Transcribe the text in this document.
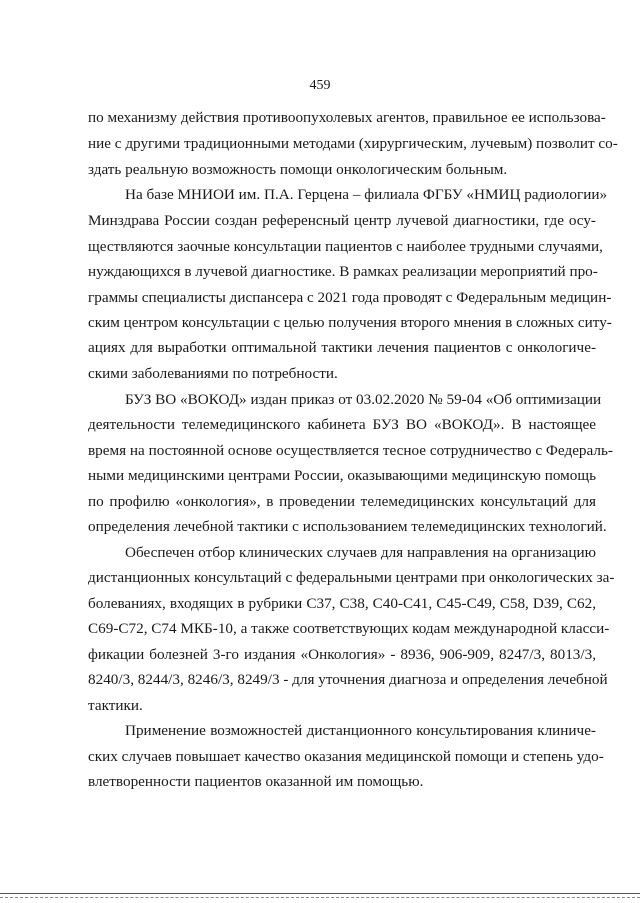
459
по механизму действия противоопухолевых агентов, правильное ее использова-
ние с другими традиционными методами (хирургическим, лучевым) позволит со-
здать реальную возможность помощи онкологическим больным.
На базе МНИОИ им. П.А. Герцена – филиала ФГБУ «НМИЦ радиологии»
Минздрава России создан референсный центр лучевой диагностики, где осу-
ществляются заочные консультации пациентов с наиболее трудными случаями,
нуждающихся в лучевой диагностике. В рамках реализации мероприятий про-
граммы специалисты диспансера с 2021 года проводят с Федеральным медицин-
ским центром консультации с целью получения второго мнения в сложных ситу-
ациях для выработки оптимальной тактики лечения пациентов с онкологиче-
скими заболеваниями по потребности.
БУЗ ВО «ВОКОД» издан приказ от 03.02.2020 № 59-04 «Об оптимизации
деятельности телемедицинского кабинета БУЗ ВО «ВОКОД». В настоящее
время на постоянной основе осуществляется тесное сотрудничество с Федераль-
ными медицинскими центрами России, оказывающими медицинскую помощь
по профилю «онкология», в проведении телемедицинских консультаций для
определения лечебной тактики с использованием телемедицинских технологий.
Обеспечен отбор клинических случаев для направления на организацию
дистанционных консультаций с федеральными центрами при онкологических за-
болеваниях, входящих в рубрики С37, С38, С40-С41, С45-С49, С58, D39, С62,
С69-С72, С74 МКБ-10, а также соответствующих кодам международной класси-
фикации болезней 3-го издания «Онкология» - 8936, 906-909, 8247/3, 8013/3,
8240/3, 8244/3, 8246/3, 8249/3 - для уточнения диагноза и определения лечебной
тактики.
Применение возможностей дистанционного консультирования клиниче-
ских случаев повышает качество оказания медицинской помощи и степень удо-
влетворенности пациентов оказанной им помощью.
